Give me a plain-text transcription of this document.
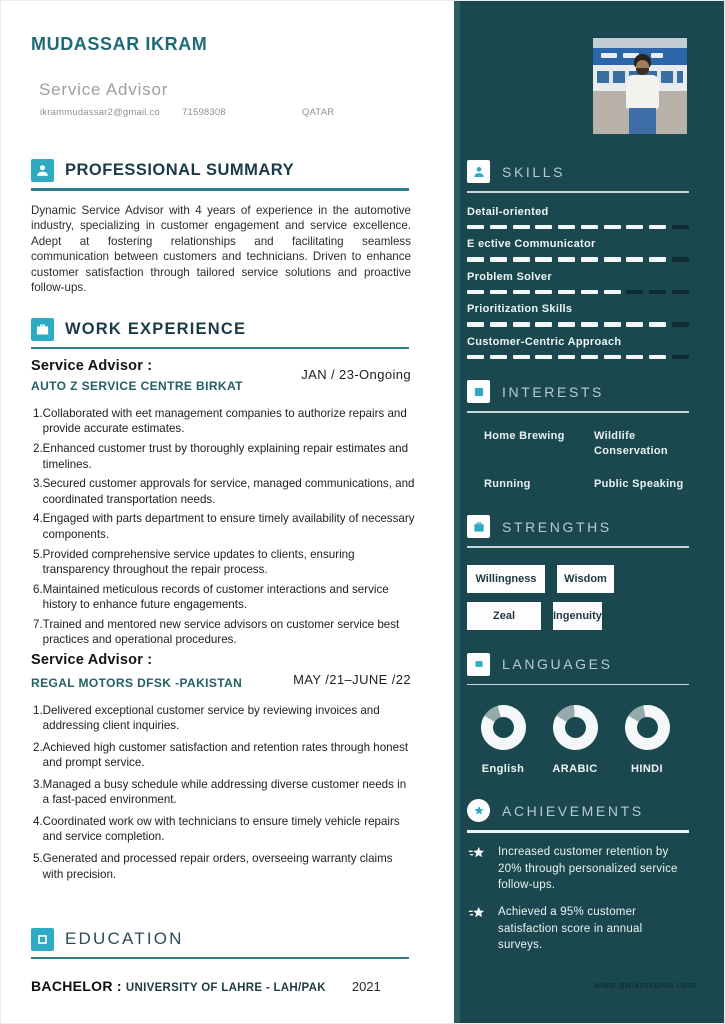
MUDASSAR IKRAM
Service Advisor
ikrammudassar2@gmail.co	71598308	QATAR
PROFESSIONAL SUMMARY
Dynamic Service Advisor with 4 years of experience in the automotive industry, specializing in customer engagement and service excellence. Adept at fostering relationships and facilitating seamless communication between customers and technicians. Driven to enhance customer satisfaction through tailored service solutions and proactive follow-ups.
WORK EXPERIENCE
Service Advisor :
AUTO Z SERVICE CENTRE BIRKAT
JAN / 23-Ongoing
1. Collaborated with eet management companies to authorize repairs and provide accurate estimates.
2. Enhanced customer trust by thoroughly explaining repair estimates and timelines.
3. Secured customer approvals for service, managed communications, and coordinated transportation needs.
4. Engaged with parts department to ensure timely availability of necessary components.
5. Provided comprehensive service updates to clients, ensuring transparency throughout the repair process.
6. Maintained meticulous records of customer interactions and service history to enhance future engagements.
7. Trained and mentored new service advisors on customer service best practices and operational procedures.
Service Advisor :
REGAL MOTORS DFSK -PAKISTAN	MAY /21–JUNE /22
1. Delivered exceptional customer service by reviewing invoices and addressing client inquiries.
2. Achieved high customer satisfaction and retention rates through honest and prompt service.
3. Managed a busy schedule while addressing diverse customer needs in a fast-paced environment.
4. Coordinated work ow with technicians to ensure timely vehicle repairs and service completion.
5. Generated and processed repair orders, overseeing warranty claims with precision.
EDUCATION
BACHELOR : UNIVERSITY OF LAHRE - LAH/PAK 2021
SKILLS
Detail-oriented
E ective Communicator
Problem Solver
Prioritization Skills
Customer-Centric Approach
INTERESTS
Home Brewing	Wildlife Conservation
Running	Public Speaking
STRENGTHS
Willingness	Wisdom
Zeal	Ingenuity
LANGUAGES
English	ARABIC	HINDI
ACHIEVEMENTS
Increased customer retention by 20% through personalized service follow-ups.
Achieved a 95% customer satisfaction score in annual surveys.
www.qwikresume.com
